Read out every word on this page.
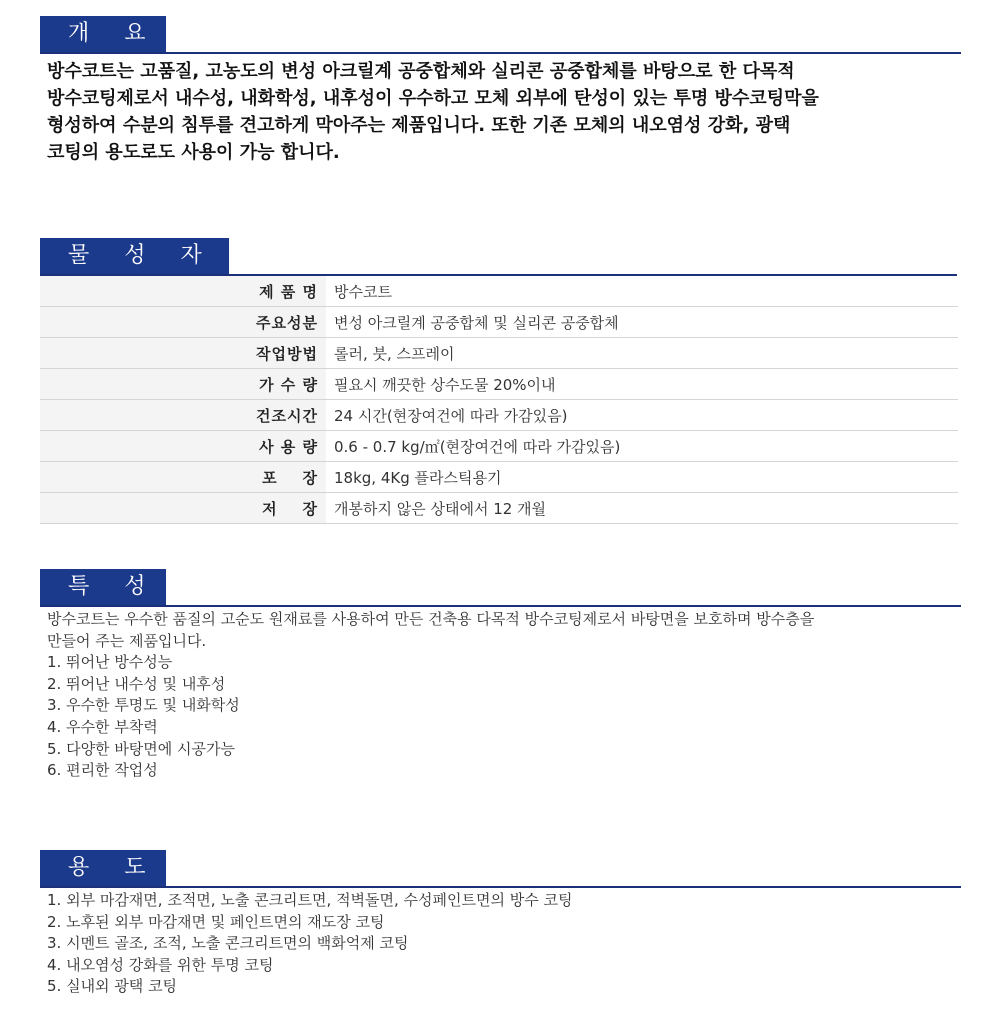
개 요

방수코트는 고품질, 고농도의 변성 아크릴계 공중합체와 실리콘 공중합체를 바탕으로 한 다목적

방수코팅제로서 내수성, 내화학성, 내후성이 우수하고 모체 외부에 탄성이 있는 투명 방수코팅막을

형성하여 수분의 침투를 견고하게 막아주는 제품입니다. 또한 기존 모체의 내오염성 강화, 광택

코팅의 용도로도 사용이 가능 합니다.

물 성 자
제 품 명	방수코트
주요성분	변성 아크릴계 공중합체 및 실리콘 공중합체
작업방법	롤러, 붓, 스프레이
가 수 량	필요시 깨끗한 상수도물 20%이내
건조시간	24 시간(현장여건에 따라 가감있음)
사 용 량	0.6 - 0.7 kg/㎡(현장여건에 따라 가감있음)
포    장	18kg, 4Kg 플라스틱용기
저    장	개봉하지 않은 상태에서 12 개월
특 성

방수코트는 우수한 품질의 고순도 원재료를 사용하여 만든 건축용 다목적 방수코팅제로서 바탕면을 보호하며 방수층을

만들어 주는 제품입니다.

1. 뛰어난 방수성능

2. 뛰어난 내수성 및 내후성

3. 우수한 투명도 및 내화학성

4. 우수한 부착력

5. 다양한 바탕면에 시공가능

6. 편리한 작업성

용 도

1. 외부 마감재면, 조적면, 노출 콘크리트면, 적벽돌면, 수성페인트면의 방수 코팅

2. 노후된 외부 마감재면 및 페인트면의 재도장 코팅

3. 시멘트 골조, 조적, 노출 콘크리트면의 백화억제 코팅

4. 내오염성 강화를 위한 투명 코팅

5. 실내외 광택 코팅
